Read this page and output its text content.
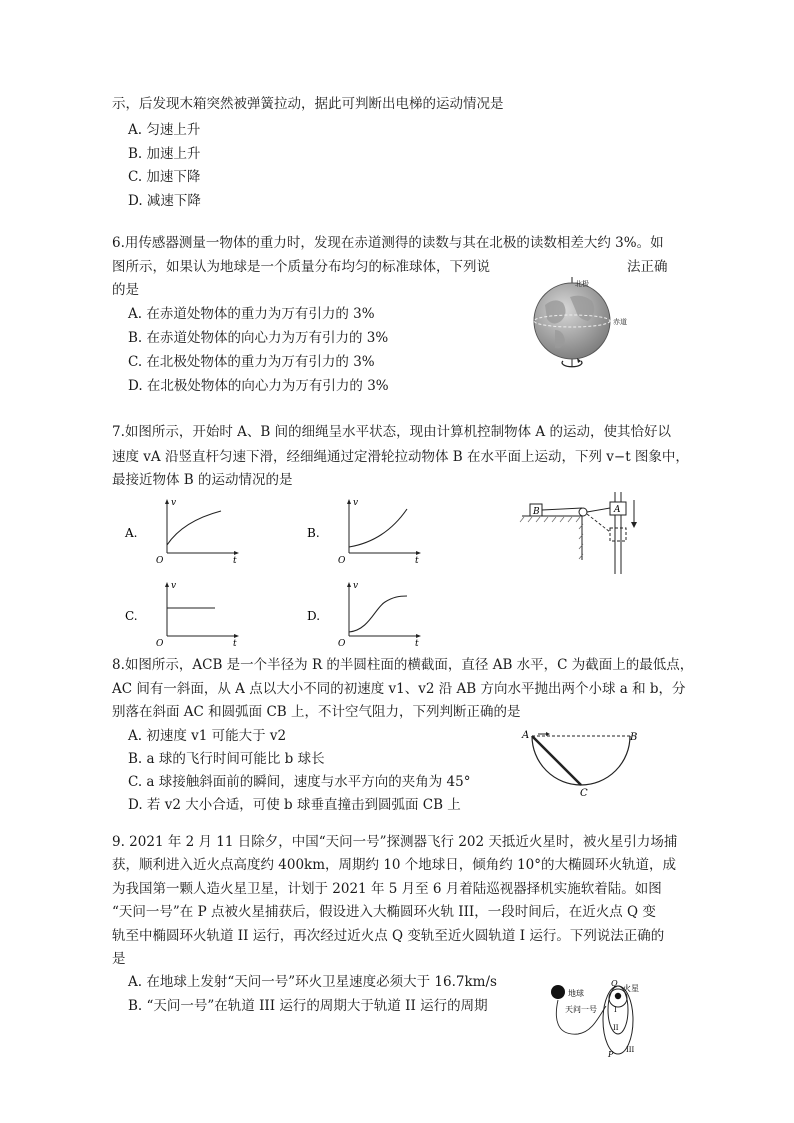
示，后发现木箱突然被弹簧拉动，据此可判断出电梯的运动情况是
A. 匀速上升
B. 加速上升
C. 加速下降
D. 减速下降
6.用传感器测量一物体的重力时，发现在赤道测得的读数与其在北极的读数相差大约 3%。如
图所示，如果认为地球是一个质量分布均匀的标准球体，下列说	法正确
的是
A. 在赤道处物体的重力为万有引力的 3%
B. 在赤道处物体的向心力为万有引力的 3%
C. 在北极处物体的重力为万有引力的 3%
D. 在北极处物体的向心力为万有引力的 3%
北极
赤道
7.如图所示，开始时 A、B 间的细绳呈水平状态，现由计算机控制物体 A 的运动，使其恰好以
速度 vA 沿竖直杆匀速下滑，经细绳通过定滑轮拉动物体 B 在水平面上运动，下列 v−t 图象中，
最接近物体 B 的运动情况的是
A.
v
t
O
B.
v
t
O
C.
v
t
O
D.
v
t
O
B	A
8.如图所示，ACB 是一个半径为 R 的半圆柱面的横截面，直径 AB 水平，C 为截面上的最低点，
AC 间有一斜面，从 A 点以大小不同的初速度 v1、v2 沿 AB 方向水平抛出两个小球 a 和 b，分
别落在斜面 AC 和圆弧面 CB 上，不计空气阻力，下列判断正确的是
A. 初速度 v1 可能大于 v2
B. a 球的飞行时间可能比 b 球长
C. a 球接触斜面前的瞬间，速度与水平方向的夹角为 45°
D. 若 v2 大小合适，可使 b 球垂直撞击到圆弧面 CB 上
A	B
C
9. 2021 年 2 月 11 日除夕，中国“天问一号”探测器飞行 202 天抵近火星时，被火星引力场捕
获，顺利进入近火点高度约 400km，周期约 10 个地球日，倾角约 10°的大椭圆环火轨道，成
为我国第一颗人造火星卫星，计划于 2021 年 5 月至 6 月着陆巡视器择机实施软着陆。如图
“天问一号”在 P 点被火星捕获后，假设进入大椭圆环火轨 III，一段时间后，在近火点 Q 变
轨至中椭圆环火轨道 II 运行，再次经过近火点 Q 变轨至近火圆轨道 I 运行。下列说法正确的
是
A. 在地球上发射“天问一号”环火卫星速度必须大于 16.7km/s
B. “天问一号”在轨道 III 运行的周期大于轨道 II 运行的周期
地球
天问一号
Q
火星
I
II
P III
